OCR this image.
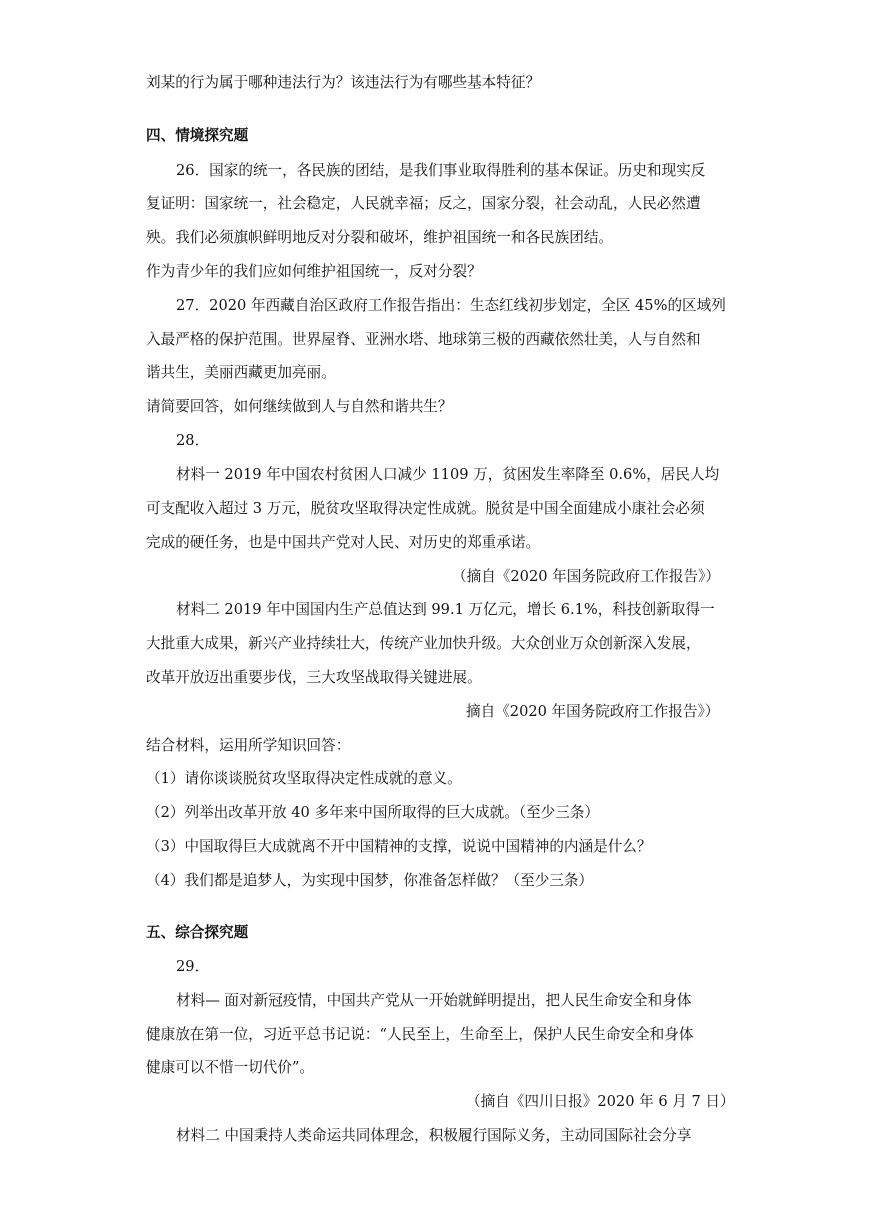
刘某的行为属于哪种违法行为？该违法行为有哪些基本特征？
四、情境探究题
26．国家的统一，各民族的团结，是我们事业取得胜利的基本保证。历史和现实反
复证明：国家统一，社会稳定，人民就幸福；反之，国家分裂，社会动乱，人民必然遭
殃。我们必须旗帜鲜明地反对分裂和破坏，维护祖国统一和各民族团结。
作为青少年的我们应如何维护祖国统一，反对分裂？
27．2020 年西藏自治区政府工作报告指出：生态红线初步划定，全区 45%的区域列
入最严格的保护范围。世界屋脊、亚洲水塔、地球第三极的西藏依然壮美，人与自然和
谐共生，美丽西藏更加亮丽。
请简要回答，如何继续做到人与自然和谐共生？
28．
材料一 2019 年中国农村贫困人口减少 1109 万，贫困发生率降至 0.6%，居民人均
可支配收入超过 3 万元，脱贫攻坚取得决定性成就。脱贫是中国全面建成小康社会必须
完成的硬任务，也是中国共产党对人民、对历史的郑重承诺。
（摘自《2020 年国务院政府工作报告》）
材料二 2019 年中国国内生产总值达到 99.1 万亿元，增长 6.1%，科技创新取得一
大批重大成果，新兴产业持续壮大，传统产业加快升级。大众创业万众创新深入发展，
改革开放迈出重要步伐，三大攻坚战取得关键进展。
摘自《2020 年国务院政府工作报告》）
结合材料，运用所学知识回答：
（1）请你谈谈脱贫攻坚取得决定性成就的意义。
（2）列举出改革开放 40 多年来中国所取得的巨大成就。（至少三条）
（3）中国取得巨大成就离不开中国精神的支撑，说说中国精神的内涵是什么？
（4）我们都是追梦人，为实现中国梦，你准备怎样做？（至少三条）
五、综合探究题
29．
材料— 面对新冠疫情，中国共产党从一开始就鲜明提出，把人民生命安全和身体
健康放在第一位，习近平总书记说：“人民至上，生命至上，保护人民生命安全和身体
健康可以不惜一切代价”。
（摘自《四川日报》2020 年 6 月 7 日）
材料二 中国秉持人类命运共同体理念，积极履行国际义务，主动同国际社会分享
